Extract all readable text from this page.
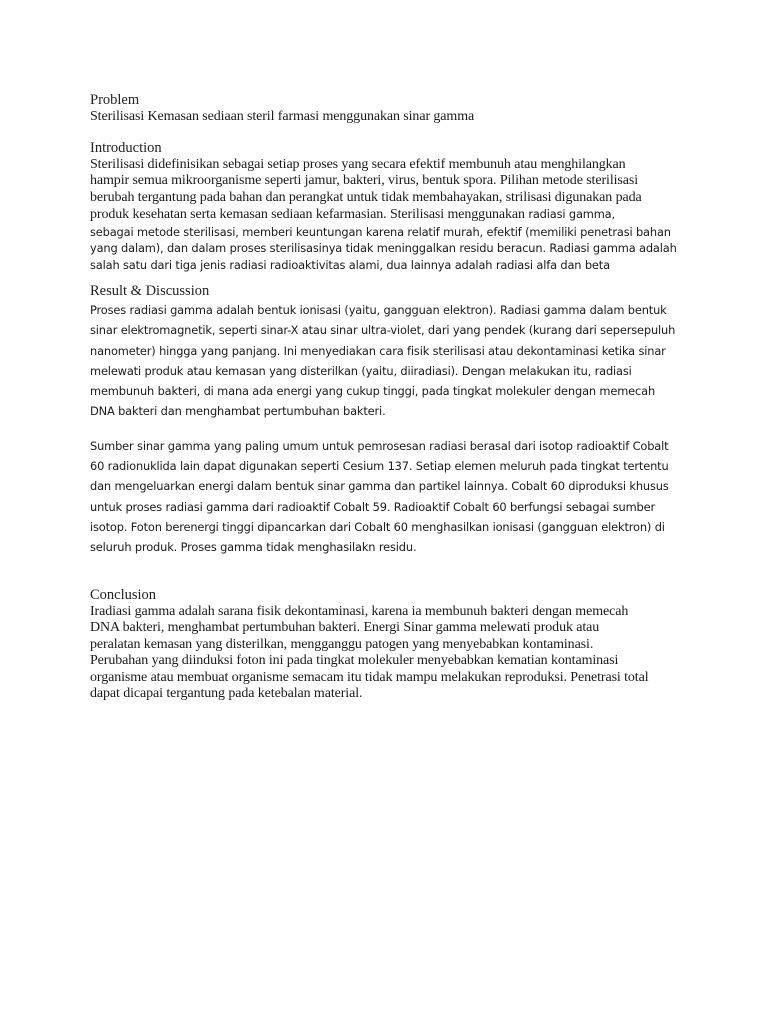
Problem
Sterilisasi Kemasan sediaan steril farmasi menggunakan sinar gamma
Introduction
Sterilisasi didefinisikan sebagai setiap proses yang secara efektif membunuh atau menghilangkan
hampir semua mikroorganisme seperti jamur, bakteri, virus, bentuk spora. Pilihan metode sterilisasi
berubah tergantung pada bahan dan perangkat untuk tidak membahayakan, strilisasi digunakan pada
produk kesehatan serta kemasan sediaan kefarmasian. Sterilisasi menggunakan radiasi gamma,
sebagai metode sterilisasi, memberi keuntungan karena relatif murah, efektif (memiliki penetrasi bahan
yang dalam), dan dalam proses sterilisasinya tidak meninggalkan residu beracun. Radiasi gamma adalah
salah satu dari tiga jenis radiasi radioaktivitas alami, dua lainnya adalah radiasi alfa dan beta
Result & Discussion
Proses radiasi gamma adalah bentuk ionisasi (yaitu, gangguan elektron). Radiasi gamma dalam bentuk
sinar elektromagnetik, seperti sinar-X atau sinar ultra-violet, dari yang pendek (kurang dari sepersepuluh
nanometer) hingga yang panjang. Ini menyediakan cara fisik sterilisasi atau dekontaminasi ketika sinar
melewati produk atau kemasan yang disterilkan (yaitu, diiradiasi). Dengan melakukan itu, radiasi
membunuh bakteri, di mana ada energi yang cukup tinggi, pada tingkat molekuler dengan memecah
DNA bakteri dan menghambat pertumbuhan bakteri.
Sumber sinar gamma yang paling umum untuk pemrosesan radiasi berasal dari isotop radioaktif Cobalt
60 radionuklida lain dapat digunakan seperti Cesium 137. Setiap elemen meluruh pada tingkat tertentu
dan mengeluarkan energi dalam bentuk sinar gamma dan partikel lainnya. Cobalt 60 diproduksi khusus
untuk proses radiasi gamma dari radioaktif Cobalt 59. Radioaktif Cobalt 60 berfungsi sebagai sumber
isotop. Foton berenergi tinggi dipancarkan dari Cobalt 60 menghasilkan ionisasi (gangguan elektron) di
seluruh produk. Proses gamma tidak menghasilakn residu.
Conclusion
Iradiasi gamma adalah sarana fisik dekontaminasi, karena ia membunuh bakteri dengan memecah
DNA bakteri, menghambat pertumbuhan bakteri. Energi Sinar gamma melewati produk atau
peralatan kemasan yang disterilkan, mengganggu patogen yang menyebabkan kontaminasi.
Perubahan yang diinduksi foton ini pada tingkat molekuler menyebabkan kematian kontaminasi
organisme atau membuat organisme semacam itu tidak mampu melakukan reproduksi. Penetrasi total
dapat dicapai tergantung pada ketebalan material.
